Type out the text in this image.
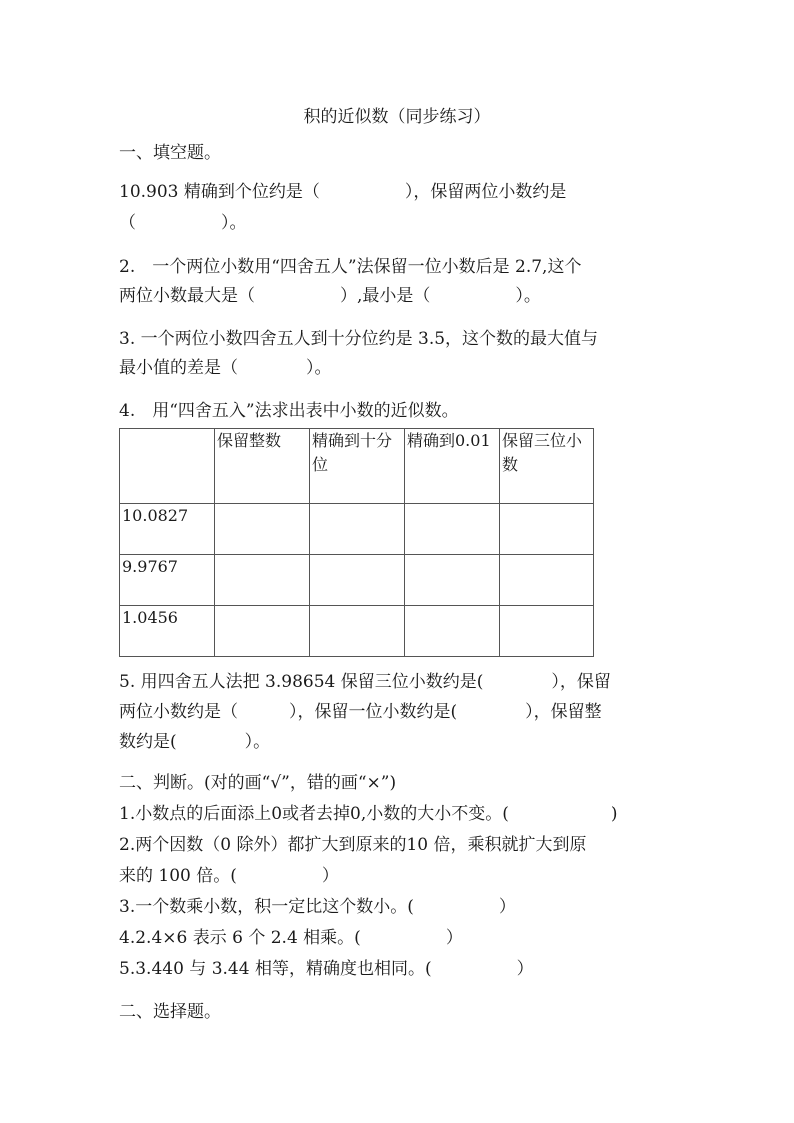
积的近似数（同步练习）
一、填空题。
10.903 精确到个位约是（　　　　　），保留两位小数约是
（　　　　　）。
2.　一个两位小数用“四舍五人”法保留一位小数后是 2.7,这个
两位小数最大是（　　　　　）,最小是（　　　　　）。
3. 一个两位小数四舍五人到十分位约是 3.5，这个数的最大值与
最小值的差是（　　　　）。
4.　用“四舍五入”法求出表中小数的近似数。
	保留整数	精确到十分位	精确到0.01	保留三位小数
10.0827				
9.9767				
1.0456				
5. 用四舍五人法把 3.98654 保留三位小数约是(　　　　），保留
两位小数约是（　　　），保留一位小数约是(　　　　），保留整
数约是(　　　　）。
二、判断。(对的画“√”，错的画“×”)
1.小数点的后面添上0或者去掉0,小数的大小不变。(　　　　　　)
2.两个因数（0 除外）都扩大到原来的10 倍，乘积就扩大到原
来的 100 倍。(　　　　　）
3.一个数乘小数，积一定比这个数小。(　　　　　）
4.2.4×6 表示 6 个 2.4 相乘。(　　　　　）
5.3.440 与 3.44 相等，精确度也相同。(　　　　　）
二、选择题。
